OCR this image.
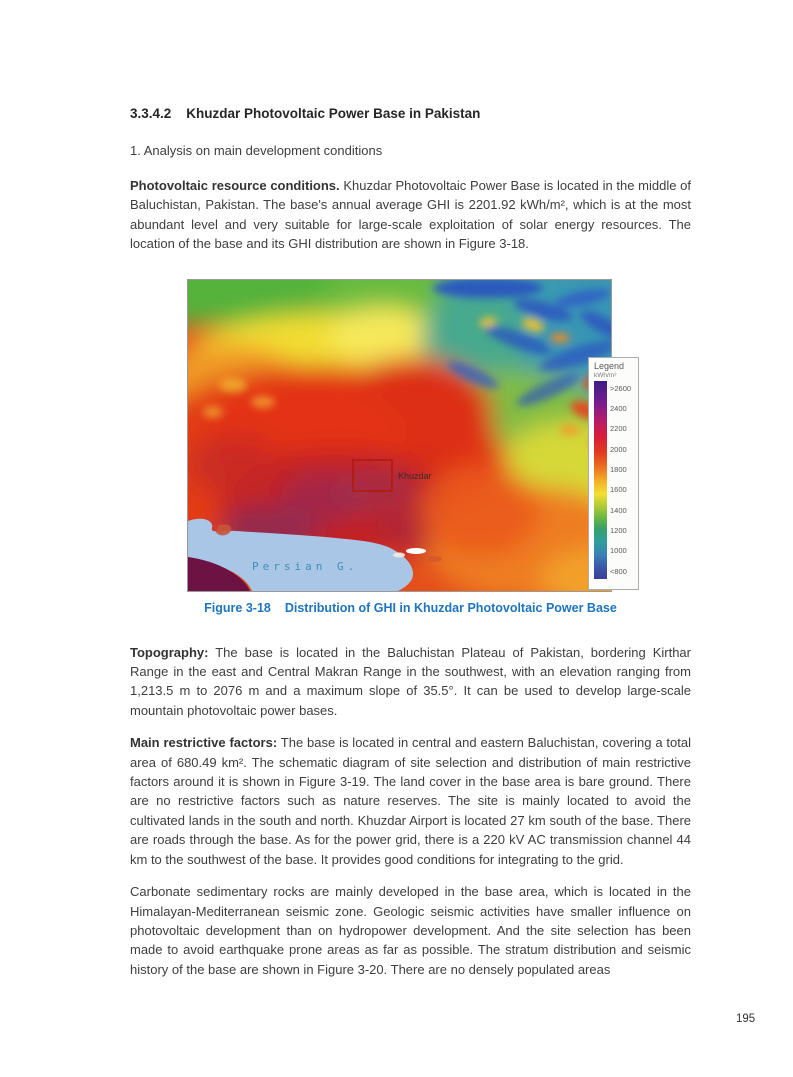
3.3.4.2 Khuzdar Photovoltaic Power Base in Pakistan

1. Analysis on main development conditions

Photovoltaic resource conditions. Khuzdar Photovoltaic Power Base is located in the middle of Baluchistan, Pakistan. The base's annual average GHI is 2201.92 kWh/m², which is at the most abundant level and very suitable for large-scale exploitation of solar energy resources. The location of the base and its GHI distribution are shown in Figure 3-18.

Persian G.
Khuzdar
Legend
kWh/m²
>2600
2400
2200
2000
1800
1600
1400
1200
1000
<800
Figure 3-18 Distribution of GHI in Khuzdar Photovoltaic Power Base

Topography: The base is located in the Baluchistan Plateau of Pakistan, bordering Kirthar Range in the east and Central Makran Range in the southwest, with an elevation ranging from 1,213.5 m to 2076 m and a maximum slope of 35.5°. It can be used to develop large-scale mountain photovoltaic power bases.

Main restrictive factors: The base is located in central and eastern Baluchistan, covering a total area of 680.49 km². The schematic diagram of site selection and distribution of main restrictive factors around it is shown in Figure 3-19. The land cover in the base area is bare ground. There are no restrictive factors such as nature reserves. The site is mainly located to avoid the cultivated lands in the south and north. Khuzdar Airport is located 27 km south of the base. There are roads through the base. As for the power grid, there is a 220 kV AC transmission channel 44 km to the southwest of the base. It provides good conditions for integrating to the grid.

Carbonate sedimentary rocks are mainly developed in the base area, which is located in the Himalayan-Mediterranean seismic zone. Geologic seismic activities have smaller influence on photovoltaic development than on hydropower development. And the site selection has been made to avoid earthquake prone areas as far as possible. The stratum distribution and seismic history of the base are shown in Figure 3-20. There are no densely populated areas

195
